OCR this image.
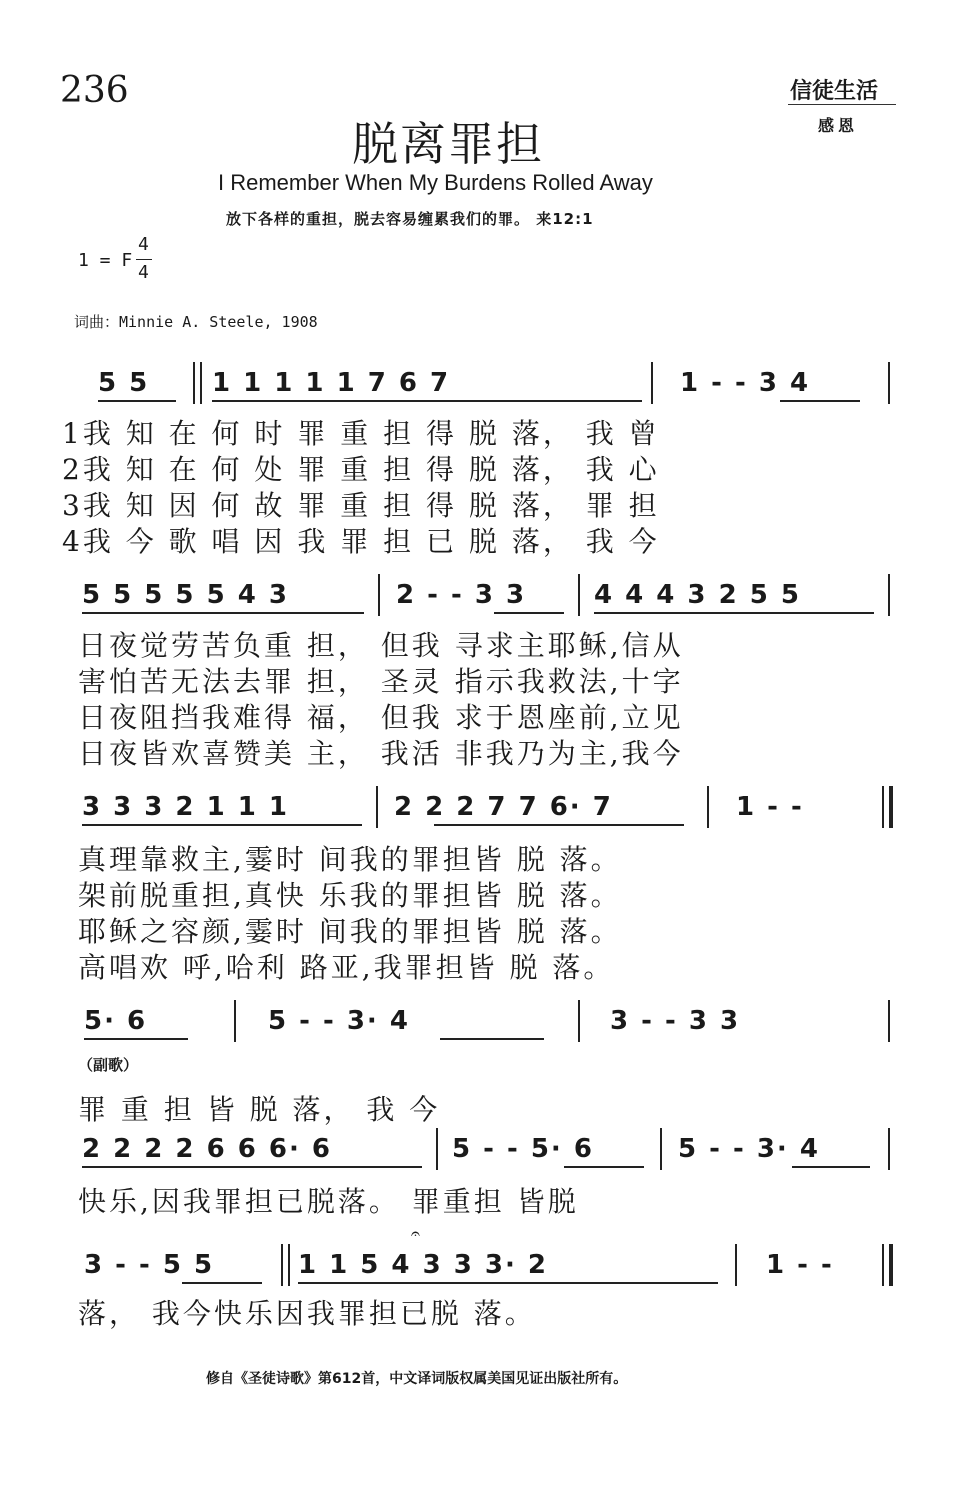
236	信徒生活
感恩
脱离罪担
I Remember When My Burdens Rolled Away
放下各样的重担，脱去容易缠累我们的罪。 来12:1
1 = F
4
4
词曲：Minnie A. Steele, 1908
5 5 1 1 1 1 1 7 6 7	1 - - 3 4
1我 知 在 何 时 罪 重 担 得 脱 落， 我 曾
2我 知 在 何 处 罪 重 担 得 脱 落， 我 心
3我 知 因 何 故 罪 重 担 得 脱 落， 罪 担
4我 今 歌 唱 因 我 罪 担 已 脱 落， 我 今
5 5 5 5 5 4 3	2 - - 3 3	4 4 4 3 2 5 5
日夜觉劳苦负重 担， 但我 寻求主耶稣,信从
害怕苦无法去罪 担， 圣灵 指示我救法,十字
日夜阻挡我难得 福， 但我 求于恩座前,立见
日夜皆欢喜赞美 主， 我活 非我乃为主,我今
3 3 3 2 1 1 1	2 2 2 7 7 6· 7	1 - -
真理靠救主,霎时 间我的罪担皆 脱 落。
架前脱重担,真快 乐我的罪担皆 脱 落。
耶稣之容颜,霎时 间我的罪担皆 脱 落。
高唱欢 呼,哈利 路亚,我罪担皆 脱 落。
5· 6	5 - - 3· 4	3 - - 3 3
（副歌）
罪 重 担 皆 脱 落， 我 今
2 2 2 2 6 6 6· 6	5 - - 5· 6	5 - - 3· 4
快乐,因我罪担已脱落。 罪重担 皆脱
𝄐
3 - - 5 5	1 1 5 4 3 3 3· 2	1 - -
落， 我今快乐因我罪担已脱 落。
修自《圣徒诗歌》第612首，中文译词版权属美国见证出版社所有。
